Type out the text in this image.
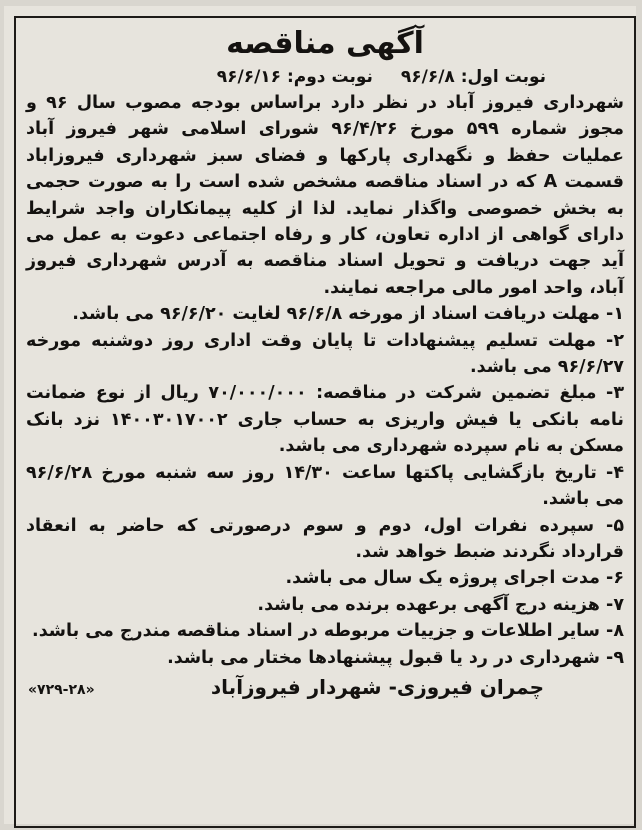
آگهی مناقصه
نوبت اول: ۹۶/۶/۸
نوبت دوم: ۹۶/۶/۱۶

شهرداری فیروز آباد در نظر دارد براساس بودجه مصوب سال ۹۶ و مجوز شماره ۵۹۹ مورخ ۹۶/۴/۲۶ شورای اسلامی شهر فیروز آباد عملیات حفظ و نگهداری پارکها و فضای سبز شهرداری فیروزاباد قسمت A که در اسناد مناقصه مشخص شده است را به صورت حجمی به بخش خصوصی واگذار نماید. لذا از کلیه پیمانکاران واجد شرایط دارای گواهی از اداره تعاون، کار و رفاه اجتماعی دعوت به عمل می آید جهت دریافت و تحویل اسناد مناقصه به آدرس شهرداری فیروز آباد، واحد امور مالی مراجعه نمایند.

۱- مهلت دریافت اسناد از مورخه ۹۶/۶/۸ لغایت ۹۶/۶/۲۰ می باشد.
۲- مهلت تسلیم پیشنهادات تا پایان وقت اداری روز دوشنبه مورخه ۹۶/۶/۲۷ می باشد.
۳- مبلغ تضمین شرکت در مناقصه: ۷۰/۰۰۰/۰۰۰ ریال از نوع ضمانت نامه بانکی یا فیش واریزی به حساب جاری ۱۴۰۰۳۰۱۷۰۰۲ نزد بانک مسکن به نام سپرده شهرداری می باشد.
۴- تاریخ بازگشایی پاکتها ساعت ۱۴/۳۰ روز سه شنبه مورخ ۹۶/۶/۲۸ می باشد.
۵- سپرده نفرات اول، دوم و سوم درصورتی که حاضر به انعقاد قرارداد نگردند ضبط خواهد شد.
۶- مدت اجرای پروژه یک سال می باشد.
۷- هزینه درج آگهی برعهده برنده می باشد.
۸- سایر اطلاعات و جزییات مربوطه در اسناد مناقصه مندرج می باشد.
۹- شهرداری در رد یا قبول پیشنهادها مختار می باشد.
چمران فیروزی- شهردار فیروزآباد
«۷۲۹-۲۸»
